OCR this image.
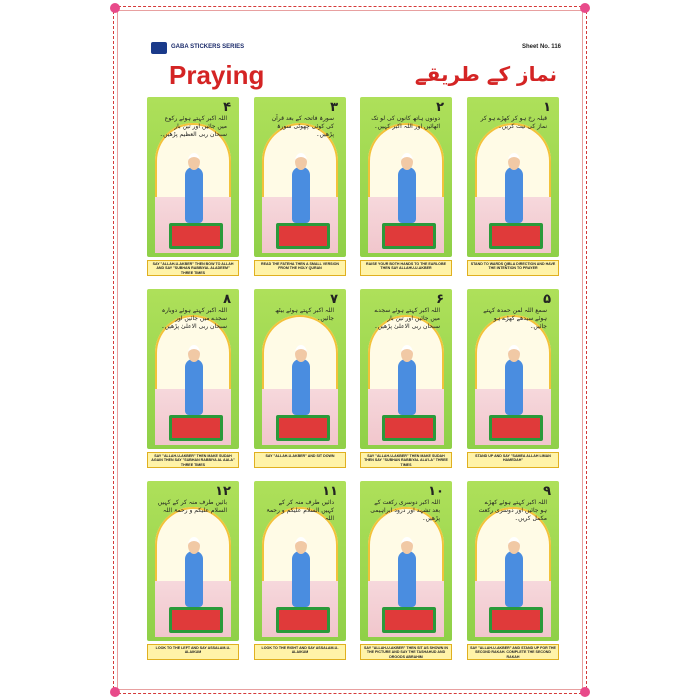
GABA STICKERS SERIES	Sheet No. 116
Praying	نماز کے طریقے
۱
قبلہ رخ ہو کر کھڑے ہو کر نماز کی نیت کریں۔
STAND TO WARDS QIBLA DIRECTION AND HAVE THE INTENTION TO PRAYER
۲
دونوں ہاتھ کانوں کی لو تک اٹھائیں اور اللہ اکبر کہیں۔
RAISE YOUR BOTH HANDS TO THE EARLOBE THEN SAY ALLAHU-U-AKBER
۳
سورۃ فاتحہ کے بعد قرآن کی کوئی چھوٹی سورۃ پڑھیں۔
READ THE FATEHA THEN A SMALL VERSION FROM THE HOLY QURAN
۴
اللہ اکبر کہتے ہوئے رکوع میں جائیں اور تین بار سبحان ربی العظیم پڑھیں۔
SAY "ALLAH-U-AKBER" THEN BOW TO ALLAH AND SAY "SUBHAN RABBIYAL ALADEEM" THREE TIMES
۵
سمع اللہ لمن حمدہ کہتے ہوئے سیدھے کھڑے ہو جائیں۔
STAND UP AND SAY "SAMEA ALLAH LIMAN HAMEDAH"
۶
اللہ اکبر کہتے ہوئے سجدے میں جائیں اور تین بار سبحان ربی الاعلیٰ پڑھیں۔
SAY "ALLAH-U-AKBER" THEN MAKE SUDAH THEN SAY "SUBHAN RABBIYAL ALA'LA" THREE TIMES
۷
اللہ اکبر کہتے ہوئے بیٹھ جائیں۔
SAY "ALLAH-U-AKBER" AND SIT DOWN
۸
اللہ اکبر کہتے ہوئے دوبارہ سجدے میں جائیں اور سبحان ربی الاعلیٰ پڑھیں۔
SAY "ALLAH-U-AKBER" THEN MAKE SUDAH AGAIN THEN SAY "SUBHAN RABBIYA AL AALA" THREE TIMES
۹
اللہ اکبر کہتے ہوئے کھڑے ہو جائیں اور دوسری رکعت مکمل کریں۔
SAY "ALLAH-U-AKBER" AND STAND UP FOR THE SECOND RAKAH. COMPLETE THE SECOND RAKAH
۱۰
اللہ اکبر دوسری رکعت کے بعد تشہد اور درود ابراہیمی پڑھیں۔
SAY "ALLAH-U-AKBER" THEN SIT AS SHOWN IN THE PICTURE AND SAY THE TASHAHUD AND DROODS ABRAHIM
۱۱
دائیں طرف منہ کر کے کہیں السلام علیکم و رحمۃ اللہ
LOOK TO THE RIGHT AND SAY ASSALAM-U-ALAIKUM
۱۲
بائیں طرف منہ کر کے کہیں السلام علیکم و رحمۃ اللہ
LOOK TO THE LEFT AND SAY ASSALAM-U-ALAIKUM
